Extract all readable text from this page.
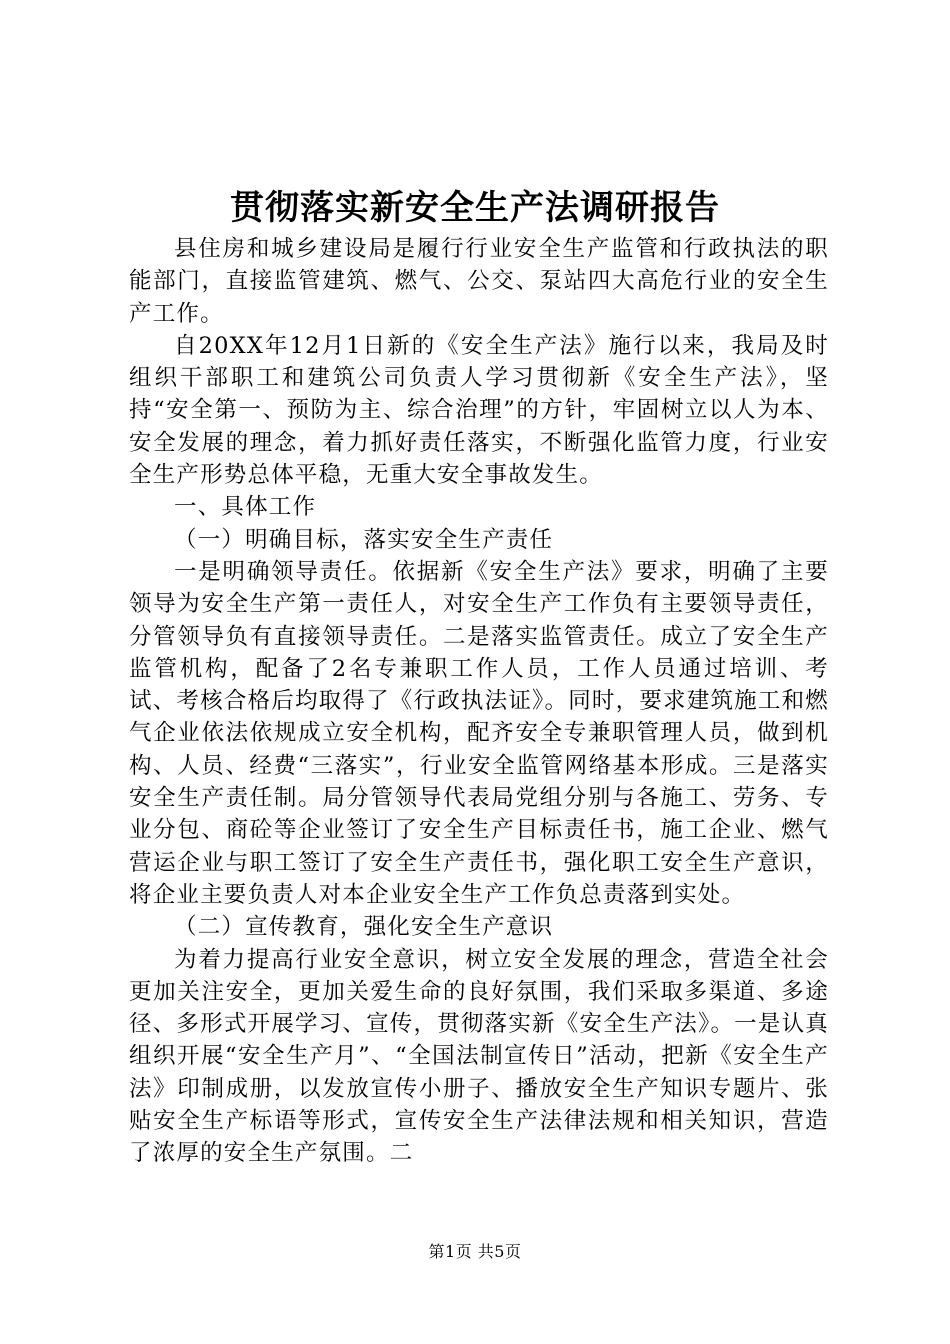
贯彻落实新安全生产法调研报告

县住房和城乡建设局是履行行业安全生产监管和行政执法的职能部门，直接监管建筑、燃气、公交、泵站四大高危行业的安全生产工作。

自20XX年12月1日新的《安全生产法》施行以来，我局及时组织干部职工和建筑公司负责人学习贯彻新《安全生产法》，坚持“安全第一、预防为主、综合治理”的方针，牢固树立以人为本、安全发展的理念，着力抓好责任落实，不断强化监管力度，行业安全生产形势总体平稳，无重大安全事故发生。

一、具体工作

（一）明确目标，落实安全生产责任

一是明确领导责任。依据新《安全生产法》要求，明确了主要领导为安全生产第一责任人，对安全生产工作负有主要领导责任，分管领导负有直接领导责任。二是落实监管责任。成立了安全生产监管机构，配备了2名专兼职工作人员，工作人员通过培训、考试、考核合格后均取得了《行政执法证》。同时，要求建筑施工和燃气企业依法依规成立安全机构，配齐安全专兼职管理人员，做到机构、人员、经费“三落实”，行业安全监管网络基本形成。三是落实安全生产责任制。局分管领导代表局党组分别与各施工、劳务、专业分包、商砼等企业签订了安全生产目标责任书，施工企业、燃气营运企业与职工签订了安全生产责任书，强化职工安全生产意识，将企业主要负责人对本企业安全生产工作负总责落到实处。

（二）宣传教育，强化安全生产意识

为着力提高行业安全意识，树立安全发展的理念，营造全社会更加关注安全，更加关爱生命的良好氛围，我们采取多渠道、多途径、多形式开展学习、宣传，贯彻落实新《安全生产法》。一是认真组织开展“安全生产月”、“全国法制宣传日”活动，把新《安全生产法》印制成册，以发放宣传小册子、播放安全生产知识专题片、张贴安全生产标语等形式，宣传安全生产法律法规和相关知识，营造了浓厚的安全生产氛围。二

第1页 共5页
